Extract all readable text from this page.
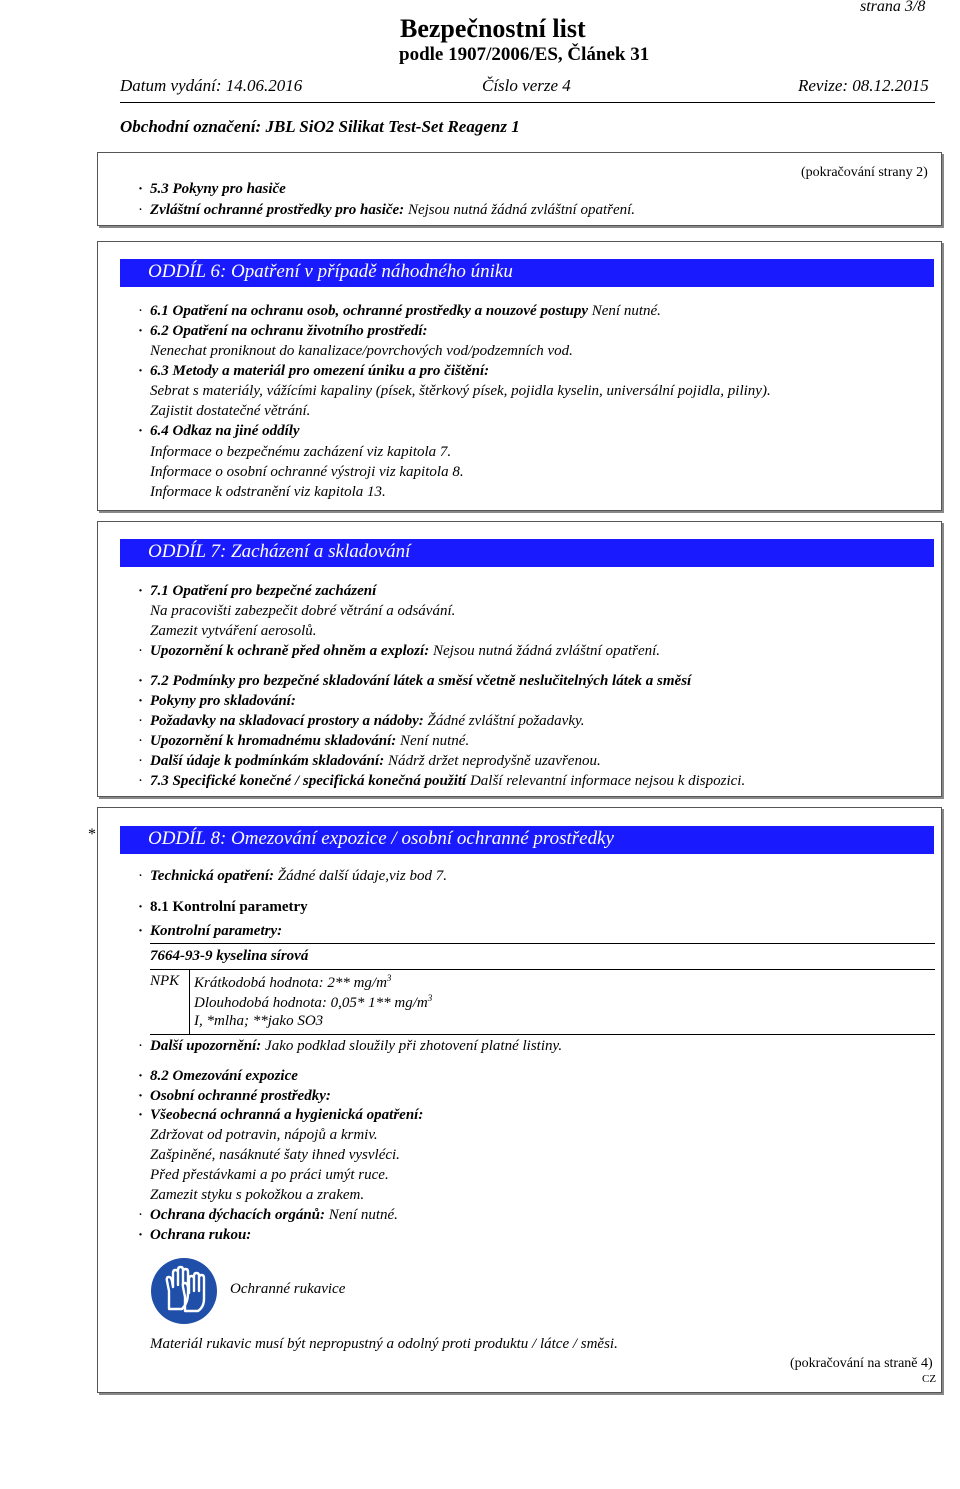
Bezpečnostní list
podle 1907/2006/ES, Článek 31
strana 3/8
Datum vydání: 14.06.2016	Číslo verze 4	Revize: 08.12.2015
Obchodní označení: JBL SiO2 Silikat Test-Set Reagenz 1
(pokračování strany 2)
· 5.3 Pokyny pro hasiče
· Zvláštní ochranné prostředky pro hasiče: Nejsou nutná žádná zvláštní opatření.
ODDÍL 6: Opatření v případě náhodného úniku
· 6.1 Opatření na ochranu osob, ochranné prostředky a nouzové postupy Není nutné.
· 6.2 Opatření na ochranu životního prostředí:
Nenechat proniknout do kanalizace/povrchových vod/podzemních vod.
· 6.3 Metody a materiál pro omezení úniku a pro čištění:
Sebrat s materiály, vážícími kapaliny (písek, štěrkový písek, pojidla kyselin, universální pojidla, piliny).
Zajistit dostatečné větrání.
· 6.4 Odkaz na jiné oddíly
Informace o bezpečnému zacházení viz kapitola 7.
Informace o osobní ochranné výstroji viz kapitola 8.
Informace k odstranění viz kapitola 13.
ODDÍL 7: Zacházení a skladování
· 7.1 Opatření pro bezpečné zacházení
Na pracovišti zabezpečit dobré větrání a odsávání.
Zamezit vytváření aerosolů.
· Upozornění k ochraně před ohněm a explozí: Nejsou nutná žádná zvláštní opatření.
· 7.2 Podmínky pro bezpečné skladování látek a směsí včetně neslučitelných látek a směsí
· Pokyny pro skladování:
· Požadavky na skladovací prostory a nádoby: Žádné zvláštní požadavky.
· Upozornění k hromadnému skladování: Není nutné.
· Další údaje k podmínkám skladování: Nádrž držet neprodyšně uzavřenou.
· 7.3 Specifické konečné / specifická konečná použití Další relevantní informace nejsou k dispozici.
*	ODDÍL 8: Omezování expozice / osobní ochranné prostředky
· Technická opatření: Žádné další údaje,viz bod 7.
· 8.1 Kontrolní parametry
· Kontrolní parametry:
7664-93-9 kyselina sírová
NPK Krátkodobá hodnota: 2** $mg/m^3$
Dlouhodobá hodnota: 0,05* 1** $mg/m^3$
I, *mlha; **jako SO3
· Další upozornění: Jako podklad sloužily při zhotovení platné listiny.
· 8.2 Omezování expozice
· Osobní ochranné prostředky:
· Všeobecná ochranná a hygienická opatření:
Zdržovat od potravin, nápojů a krmiv.
Zašpiněné, nasáknuté šaty ihned vysvléci.
Před přestávkami a po práci umýt ruce.
Zamezit styku s pokožkou a zrakem.
· Ochrana dýchacích orgánů: Není nutné.
· Ochrana rukou:
Ochranné rukavice
Materiál rukavic musí být nepropustný a odolný proti produktu / látce / směsi.
(pokračování na straně 4)
CZ
